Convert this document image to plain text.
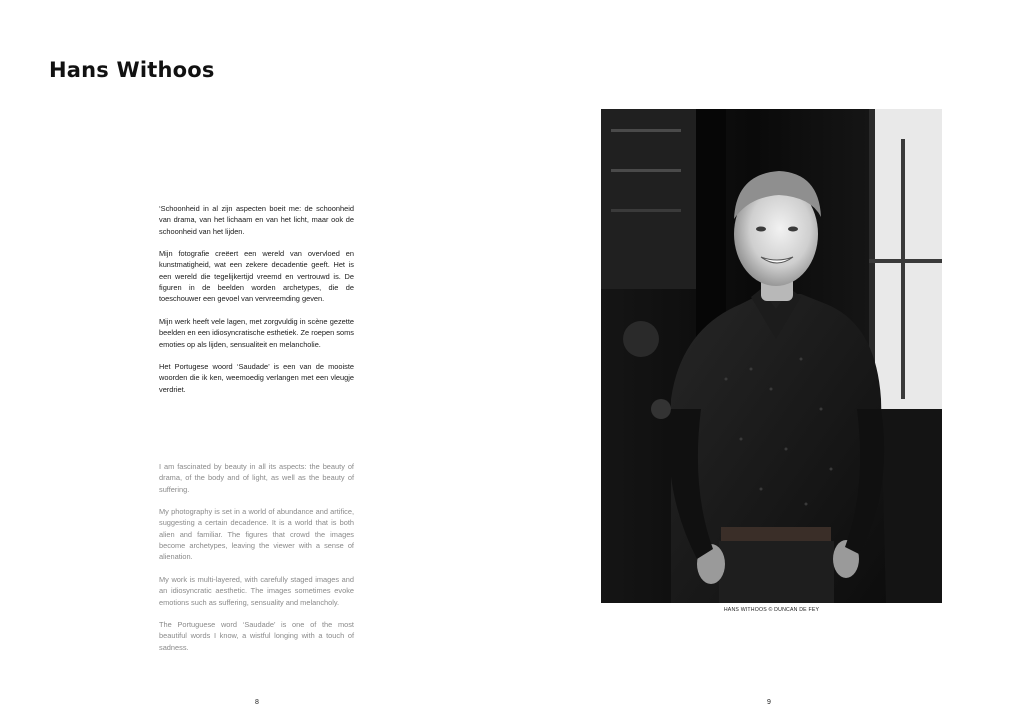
Hans Withoos

‘Schoonheid in al zijn aspecten boeit me: de schoonheid van drama, van het lichaam en van het licht, maar ook de schoonheid van het lijden.

Mijn fotografie creëert een wereld van overvloed en kunstmatigheid, wat een zekere decadentie geeft. Het is een wereld die tegelijkertijd vreemd en vertrouwd is. De figuren in de beelden worden archetypes, die de toeschouwer een gevoel van vervreemding geven.

Mijn werk heeft vele lagen, met zorgvuldig in scène gezette beelden en een idiosyncratische esthetiek. Ze roepen soms emoties op als lijden, sensualiteit en melancholie.

Het Portugese woord ‘Saudade’ is een van de mooiste woorden die ik ken, weemoedig verlangen met een vleugje verdriet.

I am fascinated by beauty in all its aspects: the beauty of drama, of the body and of light, as well as the beauty of suffering.

My photography is set in a world of abundance and artifice, suggesting a certain decadence. It is a world that is both alien and familiar. The figures that crowd the images become archetypes, leaving the viewer with a sense of alienation.

My work is multi-layered, with carefully staged images and an idiosyncratic aesthetic. The images sometimes evoke emotions such as suffering, sensuality and melancholy.

The Portuguese word ‘Saudade’ is one of the most beautiful words I know, a wistful longing with a touch of sadness.

8
HANS WITHOOS © DUNCAN DE FEY
9
